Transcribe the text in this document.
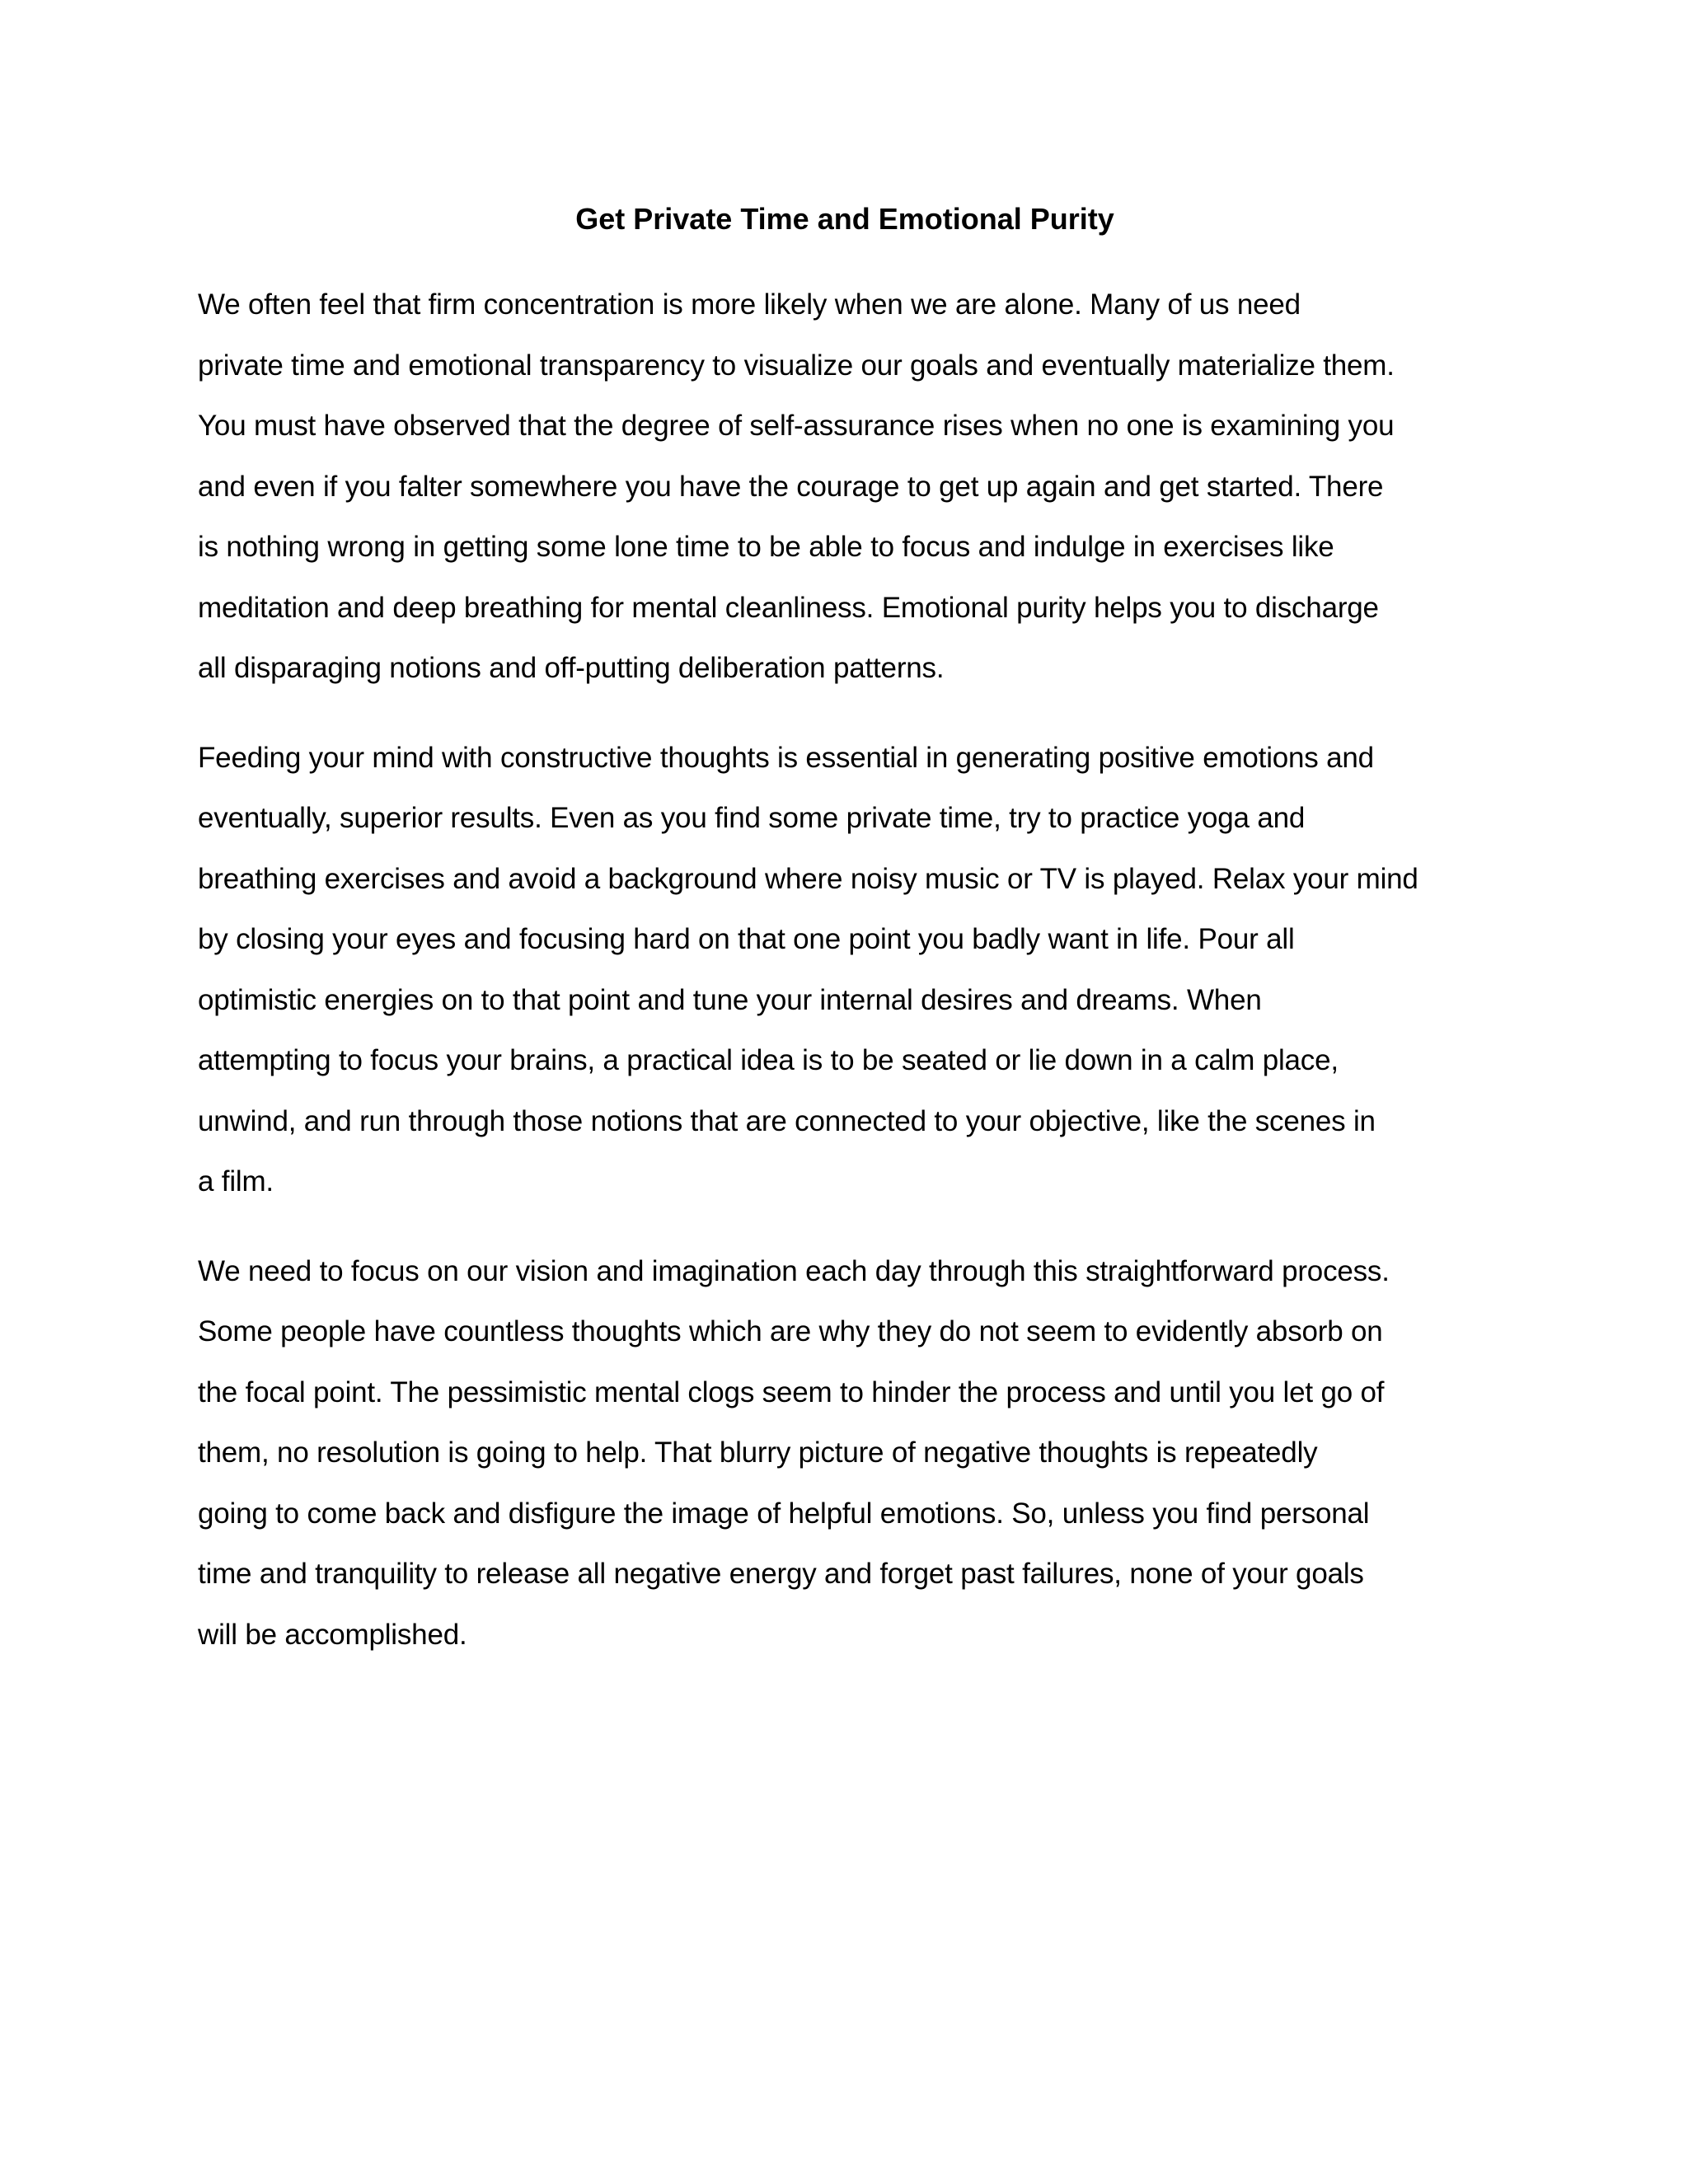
Get Private Time and Emotional Purity

We often feel that firm concentration is more likely when we are alone. Many of us need
private time and emotional transparency to visualize our goals and eventually materialize them.
You must have observed that the degree of self-assurance rises when no one is examining you
and even if you falter somewhere you have the courage to get up again and get started. There
is nothing wrong in getting some lone time to be able to focus and indulge in exercises like
meditation and deep breathing for mental cleanliness. Emotional purity helps you to discharge
all disparaging notions and off-putting deliberation patterns.

Feeding your mind with constructive thoughts is essential in generating positive emotions and
eventually, superior results. Even as you find some private time, try to practice yoga and
breathing exercises and avoid a background where noisy music or TV is played. Relax your mind
by closing your eyes and focusing hard on that one point you badly want in life. Pour all
optimistic energies on to that point and tune your internal desires and dreams. When
attempting to focus your brains, a practical idea is to be seated or lie down in a calm place,
unwind, and run through those notions that are connected to your objective, like the scenes in
a film.

We need to focus on our vision and imagination each day through this straightforward process.
Some people have countless thoughts which are why they do not seem to evidently absorb on
the focal point. The pessimistic mental clogs seem to hinder the process and until you let go of
them, no resolution is going to help. That blurry picture of negative thoughts is repeatedly
going to come back and disfigure the image of helpful emotions. So, unless you find personal
time and tranquility to release all negative energy and forget past failures, none of your goals
will be accomplished.
